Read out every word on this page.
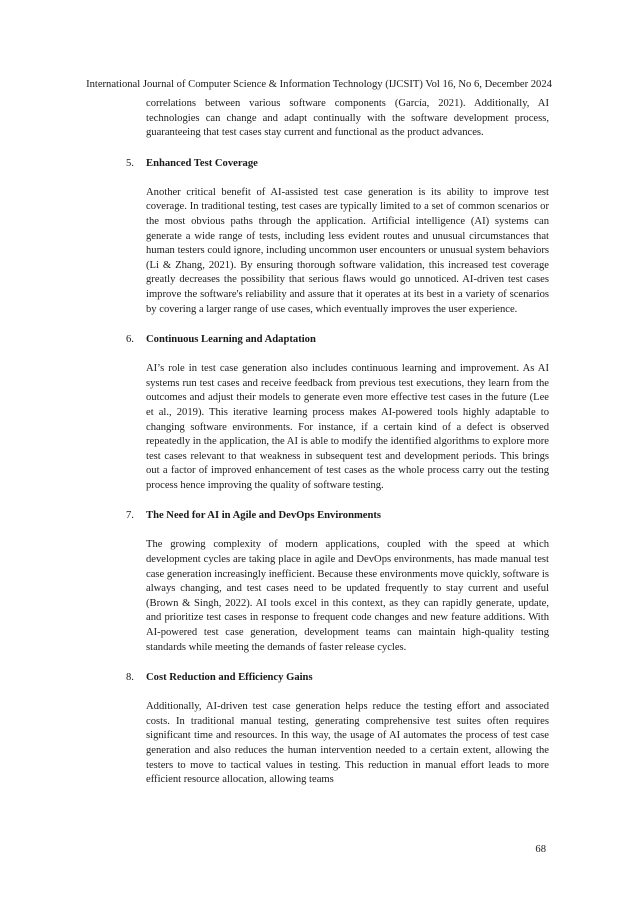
International Journal of Computer Science & Information Technology (IJCSIT) Vol 16, No 6, December 2024

correlations between various software components (García, 2021). Additionally, AI technologies can change and adapt continually with the software development process, guaranteeing that test cases stay current and functional as the product advances.

5. Enhanced Test Coverage

Another critical benefit of AI-assisted test case generation is its ability to improve test coverage. In traditional testing, test cases are typically limited to a set of common scenarios or the most obvious paths through the application. Artificial intelligence (AI) systems can generate a wide range of tests, including less evident routes and unusual circumstances that human testers could ignore, including uncommon user encounters or unusual system behaviors (Li & Zhang, 2021). By ensuring thorough software validation, this increased test coverage greatly decreases the possibility that serious flaws would go unnoticed. AI-driven test cases improve the software's reliability and assure that it operates at its best in a variety of scenarios by covering a larger range of use cases, which eventually improves the user experience.

6. Continuous Learning and Adaptation

AI’s role in test case generation also includes continuous learning and improvement. As AI systems run test cases and receive feedback from previous test executions, they learn from the outcomes and adjust their models to generate even more effective test cases in the future (Lee et al., 2019). This iterative learning process makes AI-powered tools highly adaptable to changing software environments. For instance, if a certain kind of a defect is observed repeatedly in the application, the AI is able to modify the identified algorithms to explore more test cases relevant to that weakness in subsequent test and development periods. This brings out a factor of improved enhancement of test cases as the whole process carry out the testing process hence improving the quality of software testing.

7. The Need for AI in Agile and DevOps Environments

The growing complexity of modern applications, coupled with the speed at which development cycles are taking place in agile and DevOps environments, has made manual test case generation increasingly inefficient. Because these environments move quickly, software is always changing, and test cases need to be updated frequently to stay current and useful (Brown & Singh, 2022). AI tools excel in this context, as they can rapidly generate, update, and prioritize test cases in response to frequent code changes and new feature additions. With AI-powered test case generation, development teams can maintain high-quality testing standards while meeting the demands of faster release cycles.

8. Cost Reduction and Efficiency Gains

Additionally, AI-driven test case generation helps reduce the testing effort and associated costs. In traditional manual testing, generating comprehensive test suites often requires significant time and resources. In this way, the usage of AI automates the process of test case generation and also reduces the human intervention needed to a certain extent, allowing the testers to move to tactical values in testing. This reduction in manual effort leads to more efficient resource allocation, allowing teams

68
